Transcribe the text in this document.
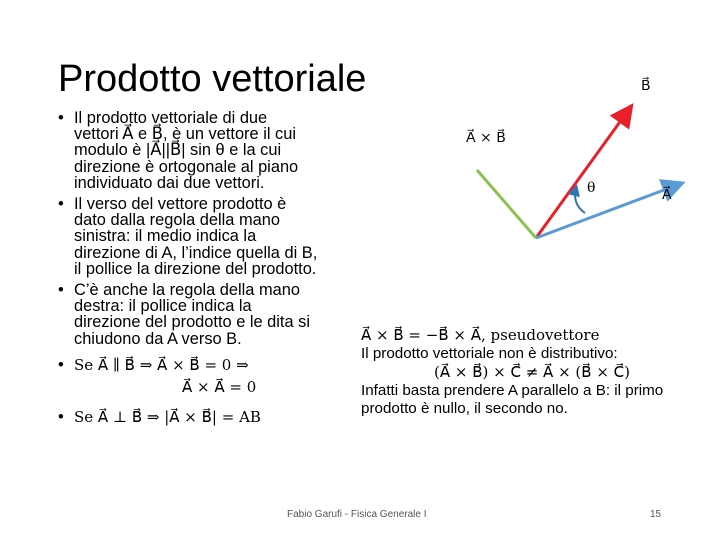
Prodotto vettoriale
• Il prodotto vettoriale di due
vettori A⃗ e B⃗, è un vettore il cui
modulo è |A⃗||B⃗| sin θ e la cui
direzione è ortogonale al piano
individuato dai due vettori.
• Il verso del vettore prodotto è
dato dalla regola della mano
sinistra: il medio indica la
direzione di A, l’indice quella di B,
il pollice la direzione del prodotto.
• C’è anche la regola della mano
destra: il pollice indica la
direzione del prodotto e le dita si
chiudono da A verso B.
• Se A⃗ ∥ B⃗ ⇒ A⃗ × B⃗ = 0 ⇒
A⃗ × A⃗ = 0
• Se A⃗ ⊥ B⃗ ⇒ |A⃗ × B⃗| = AB
B⃗
A⃗ × B⃗
θ	A⃗
A⃗ × B⃗ = −B⃗ × A⃗, pseudovettore
Il prodotto vettoriale non è distributivo:
(A⃗ × B⃗) × C⃗ ≠ A⃗ × (B⃗ × C⃗)
Infatti basta prendere A parallelo a B: il primo
prodotto è nullo, il secondo no.
Fabio Garufi - Fisica Generale I	15
